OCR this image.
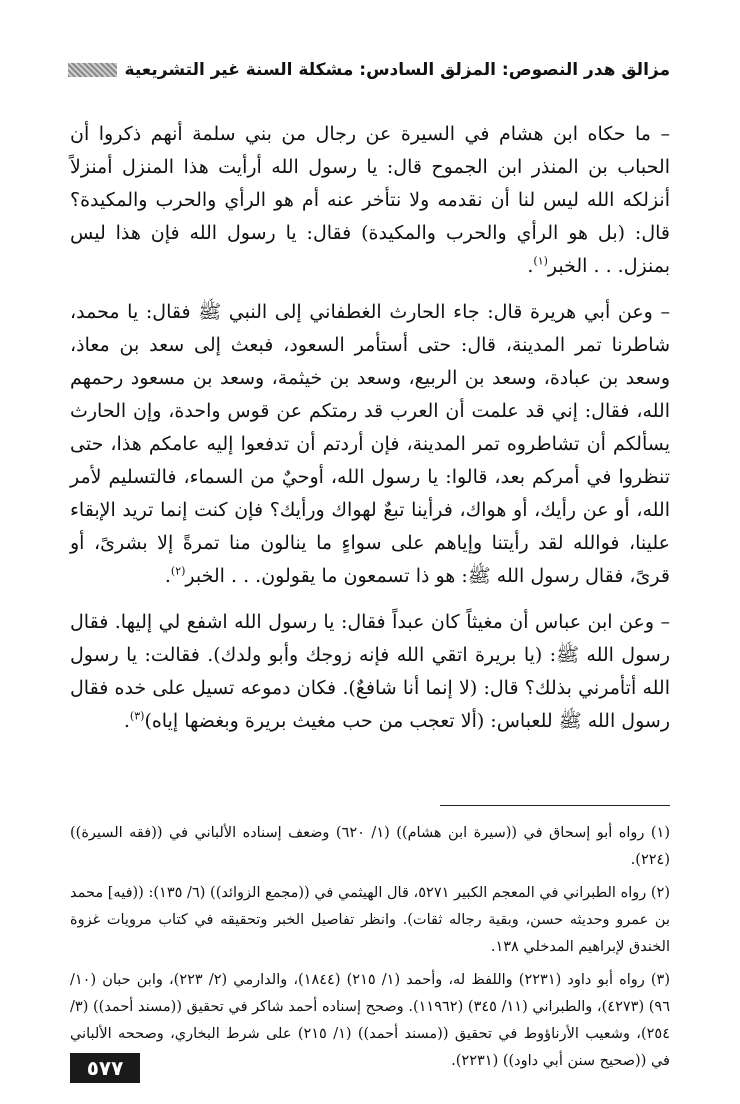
مزالق هدر النصوص: المزلق السادس: مشكلة السنة غير التشريعية

– ما حكاه ابن هشام في السيرة عن رجال من بني سلمة أنهم ذكروا أن الحباب بن المنذر ابن الجموح قال: يا رسول الله أرأيت هذا المنزل أمنزلاً أنزلكه الله ليس لنا أن نقدمه ولا نتأخر عنه أم هو الرأي والحرب والمكيدة؟ قال: (بل هو الرأي والحرب والمكيدة) فقال: يا رسول الله فإن هذا ليس بمنزل. . . الخبر$^{(١)}$.

– وعن أبي هريرة قال: جاء الحارث الغطفاني إلى النبي ﷺ فقال: يا محمد، شاطرنا تمر المدينة، قال: حتى أستأمر السعود، فبعث إلى سعد بن معاذ، وسعد بن عبادة، وسعد بن الربيع، وسعد بن خيثمة، وسعد بن مسعود رحمهم الله، فقال: إني قد علمت أن العرب قد رمتكم عن قوس واحدة، وإن الحارث يسألكم أن تشاطروه تمر المدينة، فإن أردتم أن تدفعوا إليه عامكم هذا، حتى تنظروا في أمركم بعد، قالوا: يا رسول الله، أوحيٌ من السماء، فالتسليم لأمر الله، أو عن رأيك، أو هواك، فرأينا تبعٌ لهواك ورأيك؟ فإن كنت إنما تريد الإبقاء علينا، فوالله لقد رأيتنا وإياهم على سواءٍ ما ينالون منا تمرةً إلا بشرىً، أو قرىً، فقال رسول الله ﷺ: هو ذا تسمعون ما يقولون. . . الخبر$^{(٢)}$.

– وعن ابن عباس أن مغيثاً كان عبداً فقال: يا رسول الله اشفع لي إليها. فقال رسول الله ﷺ: (يا بريرة اتقي الله فإنه زوجك وأبو ولدك). فقالت: يا رسول الله أتأمرني بذلك؟ قال: (لا إنما أنا شافعٌ). فكان دموعه تسيل على خده فقال رسول الله ﷺ للعباس: (ألا تعجب من حب مغيث بريرة وبغضها إياه)$^{(٣)}$.

(١) رواه أبو إسحاق في ((سيرة ابن هشام)) (١/ ٦٢٠) وضعف إسناده الألباني في ((فقه السيرة)) (٢٢٤).

(٢) رواه الطبراني في المعجم الكبير ٥٢٧١، قال الهيثمي في ((مجمع الزوائد)) (٦/ ١٣٥): ((فيه] محمد بن عمرو وحديثه حسن، وبقية رجاله ثقات). وانظر تفاصيل الخبر وتحقيقه في كتاب مرويات غزوة الخندق لإبراهيم المدخلي ١٣٨.

(٣) رواه أبو داود (٢٢٣١) واللفظ له، وأحمد (١/ ٢١٥) (١٨٤٤)، والدارمي (٢/ ٢٢٣)، وابن حبان (١٠/ ٩٦) (٤٢٧٣)، والطبراني (١١/ ٣٤٥) (١١٩٦٢). وصحح إسناده أحمد شاكر في تحقيق ((مسند أحمد)) (٣/ ٢٥٤)، وشعيب الأرناؤوط في تحقيق ((مسند أحمد)) (١/ ٢١٥) على شرط البخاري، وصححه الألباني في ((صحيح سنن أبي داود)) (٢٢٣١).

٥٧٧
